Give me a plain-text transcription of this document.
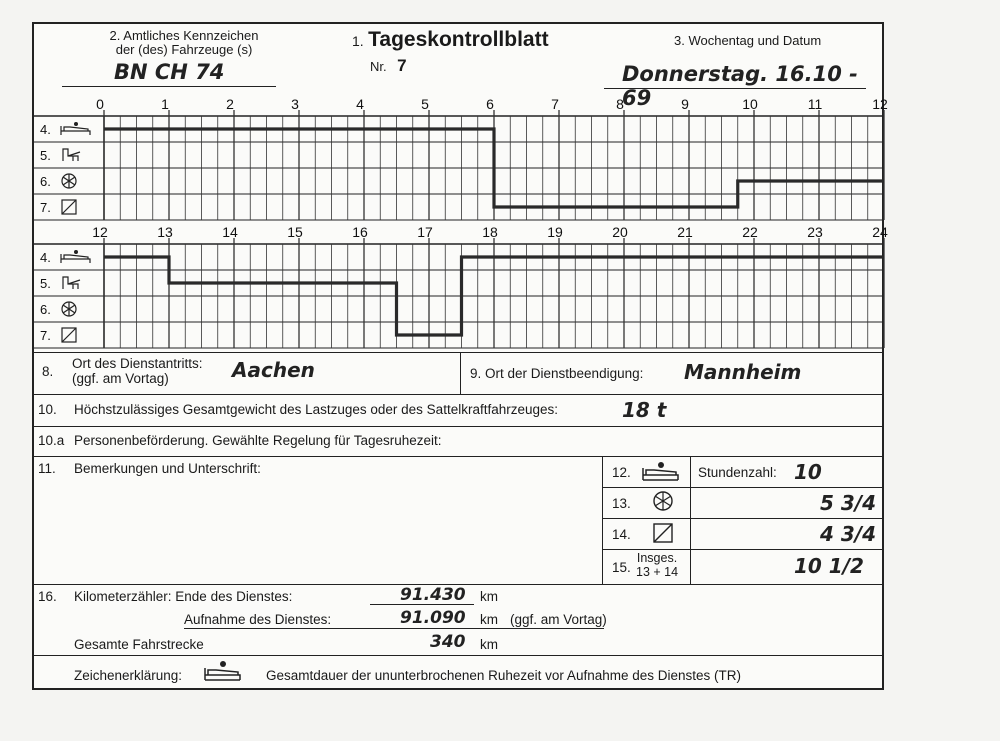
2. Amtliches Kennzeichen
der (des) Fahrzeuge (s)
BN CH 74
1. Tageskontrollblatt
Nr. 7
3. Wochentag und Datum
Donnerstag. 16.10 - 69
0	1	2	3	4	5	6	7	8	9	10	11	12
4.
5.
6.
7.
12	13	14	15	16	17	18	19	20	21	22	23	24
4.
5.
6.
7.
8.
Ort des Dienstantritts:
(ggf. am Vortag)	Aachen	9. Ort der Dienstbeendigung: Mannheim
10. Höchstzulässiges Gesamtgewicht des Lastzuges oder des Sattelkraftfahrzeuges:	18 t
10.a Personenbeförderung. Gewählte Regelung für Tagesruhezeit:
11. Bemerkungen und Unterschrift:	12.	Stundenzahl: 10
13.	5 3/4
14.	4 3/4
15.
Insges.
13 + 14	10 1/2
16. Kilometerzähler: Ende des Dienstes:	91.430 km
Aufnahme des Dienstes:	91.090 km (ggf. am Vortag)
Gesamte Fahrstrecke	340 km
Zeichenerklärung:	Gesamtdauer der ununterbrochenen Ruhezeit vor Aufnahme des Dienstes (TR)
